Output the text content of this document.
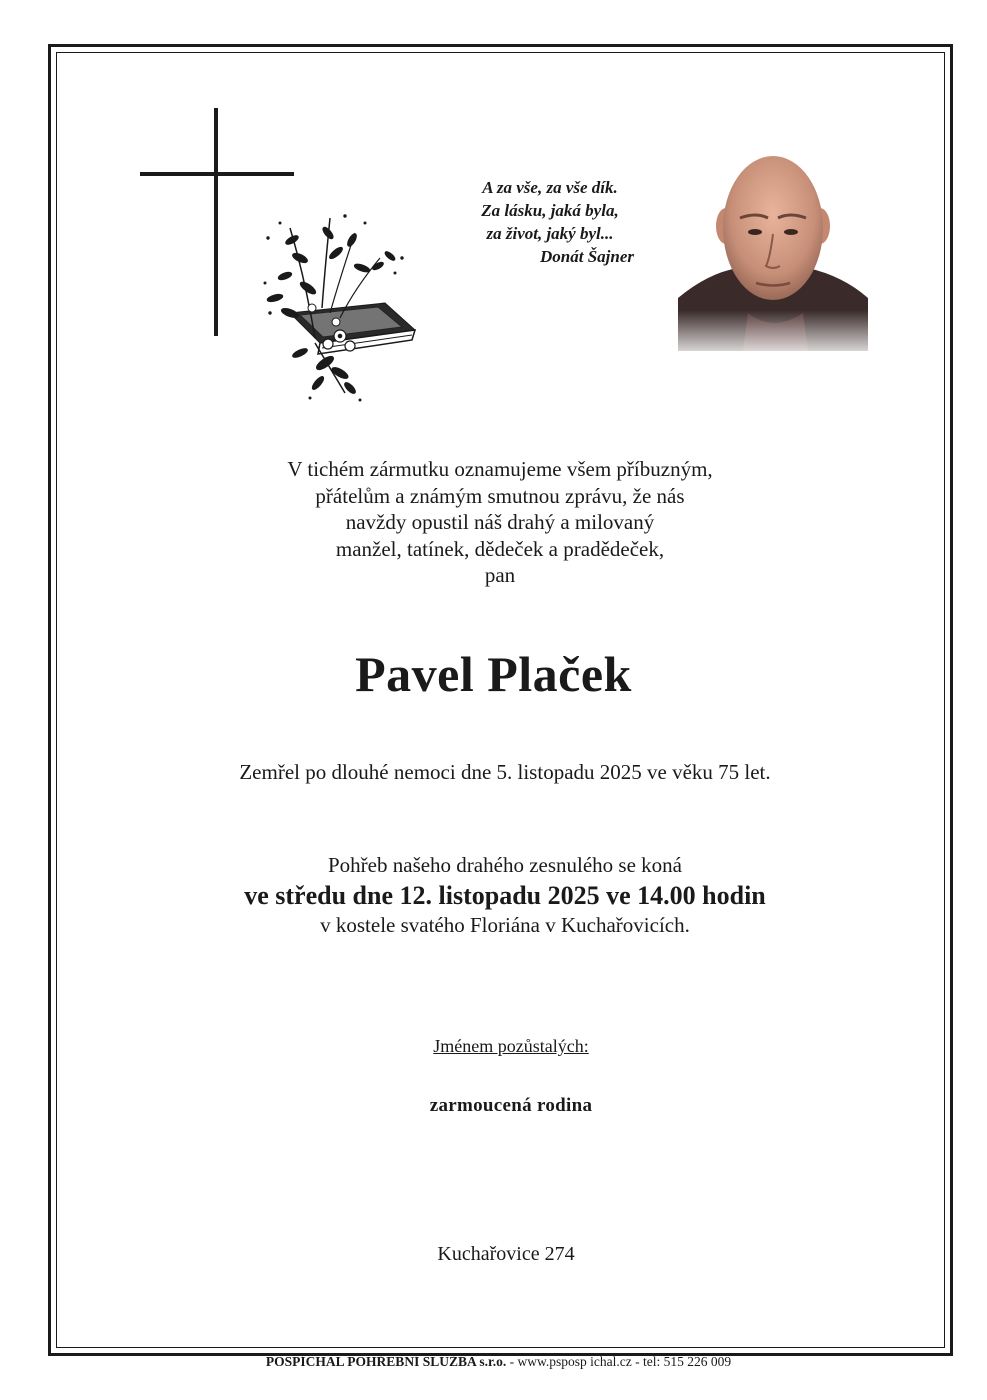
A za vše, za vše dík.
Za lásku, jaká byla,
za život, jaký byl...
Donát Šajner
V tichém zármutku oznamujeme všem příbuzným,
přátelům a známým smutnou zprávu, že nás
navždy opustil náš drahý a milovaný
manžel, tatínek, dědeček a pradědeček,
pan
Pavel Plaček
Zemřel po dlouhé nemoci dne 5. listopadu 2025 ve věku 75 let.
Pohřeb našeho drahého zesnulého se koná
ve středu dne 12. listopadu 2025 ve 14.00 hodin
v kostele svatého Floriána v Kuchařovicích.
Jménem pozůstalých:
zarmoucená rodina
Kuchařovice 274
POSPÍCHAL POHŘEBNÍ SLUŽBA s.r.o. - www.psposp ichal.cz - tel: 515 226 009
